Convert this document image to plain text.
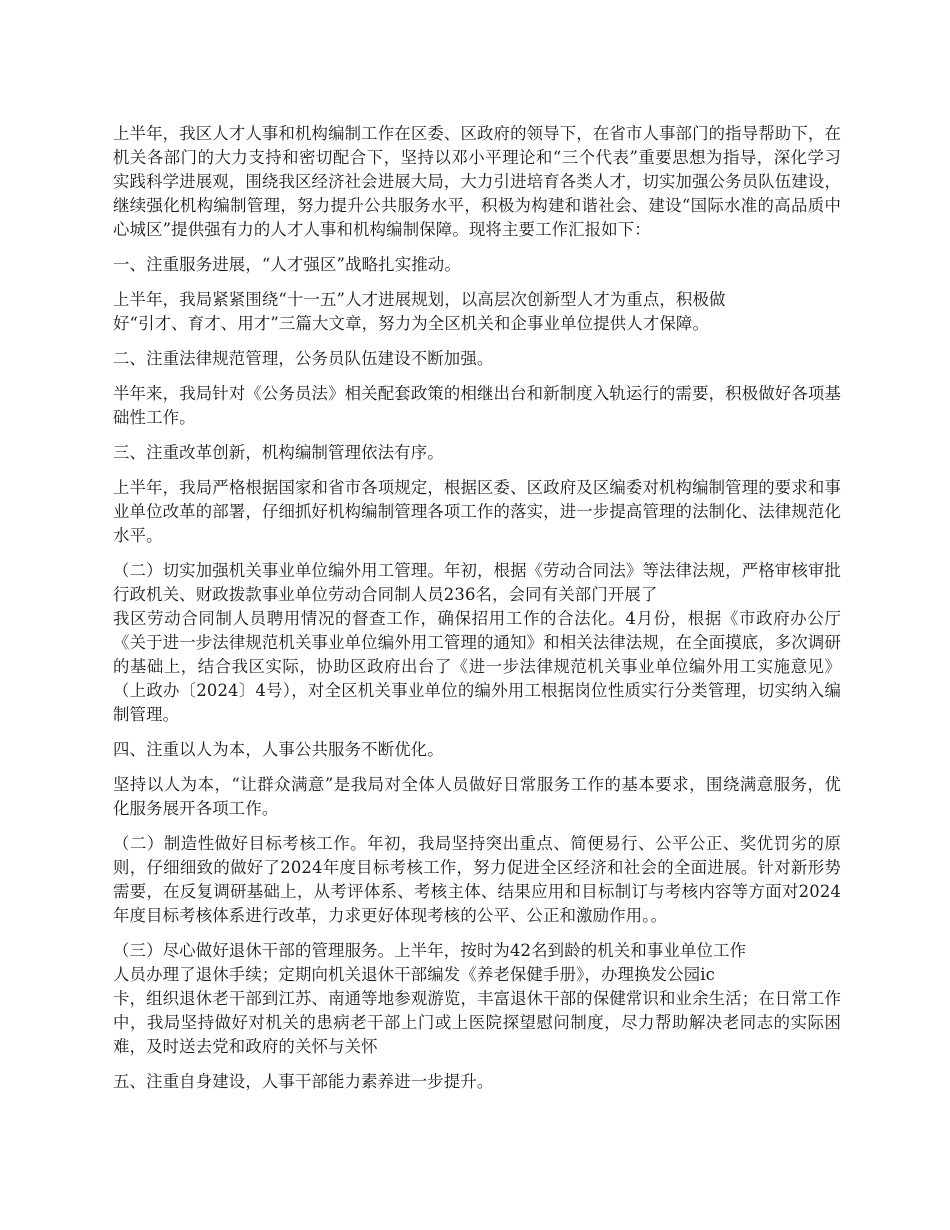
上半年，我区人才人事和机构编制工作在区委、区政府的领导下，在省市人事部门的指导帮助下，在机关各部门的大力支持和密切配合下，坚持以邓小平理论和“三个代表”重要思想为指导，深化学习实践科学进展观，围绕我区经济社会进展大局，大力引进培育各类人才，切实加强公务员队伍建设，继续强化机构编制管理，努力提升公共服务水平，积极为构建和谐社会、建设“国际水准的高品质中心城区”提供强有力的人才人事和机构编制保障。现将主要工作汇报如下：

一、注重服务进展，“人才强区”战略扎实推动。

上半年，我局紧紧围绕“十一五”人才进展规划，以高层次创新型人才为重点，积极做
好“引才、育才、用才”三篇大文章，努力为全区机关和企事业单位提供人才保障。

二、注重法律规范管理，公务员队伍建设不断加强。

半年来，我局针对《公务员法》相关配套政策的相继出台和新制度入轨运行的需要，积极做好各项基础性工作。

三、注重改革创新，机构编制管理依法有序。

上半年，我局严格根据国家和省市各项规定，根据区委、区政府及区编委对机构编制管理的要求和事业单位改革的部署，仔细抓好机构编制管理各项工作的落实，进一步提高管理的法制化、法律规范化水平。

（二）切实加强机关事业单位编外用工管理。年初，根据《劳动合同法》等法律法规，严格审核审批行政机关、财政拨款事业单位劳动合同制人员236名，会同有关部门开展了
我区劳动合同制人员聘用情况的督查工作，确保招用工作的合法化。4月份，根据《市政府办公厅《关于进一步法律规范机关事业单位编外用工管理的通知》和相关法律法规，在全面摸底，多次调研的基础上，结合我区实际，协助区政府出台了《进一步法律规范机关事业单位编外用工实施意见》（上政办〔2024〕4号），对全区机关事业单位的编外用工根据岗位性质实行分类管理，切实纳入编制管理。

四、注重以人为本，人事公共服务不断优化。

坚持以人为本，“让群众满意”是我局对全体人员做好日常服务工作的基本要求，围绕满意服务，优化服务展开各项工作。

（二）制造性做好目标考核工作。年初，我局坚持突出重点、简便易行、公平公正、奖优罚劣的原则，仔细细致的做好了2024年度目标考核工作，努力促进全区经济和社会的全面进展。针对新形势需要，在反复调研基础上，从考评体系、考核主体、结果应用和目标制订与考核内容等方面对2024年度目标考核体系进行改革，力求更好体现考核的公平、公正和激励作用。。

（三）尽心做好退休干部的管理服务。上半年，按时为42名到龄的机关和事业单位工作
人员办理了退休手续；定期向机关退休干部编发《养老保健手册》，办理换发公园ic
卡，组织退休老干部到江苏、南通等地参观游览，丰富退休干部的保健常识和业余生活；在日常工作中，我局坚持做好对机关的患病老干部上门或上医院探望慰问制度，尽力帮助解决老同志的实际困难，及时送去党和政府的关怀与关怀

五、注重自身建设，人事干部能力素养进一步提升。
